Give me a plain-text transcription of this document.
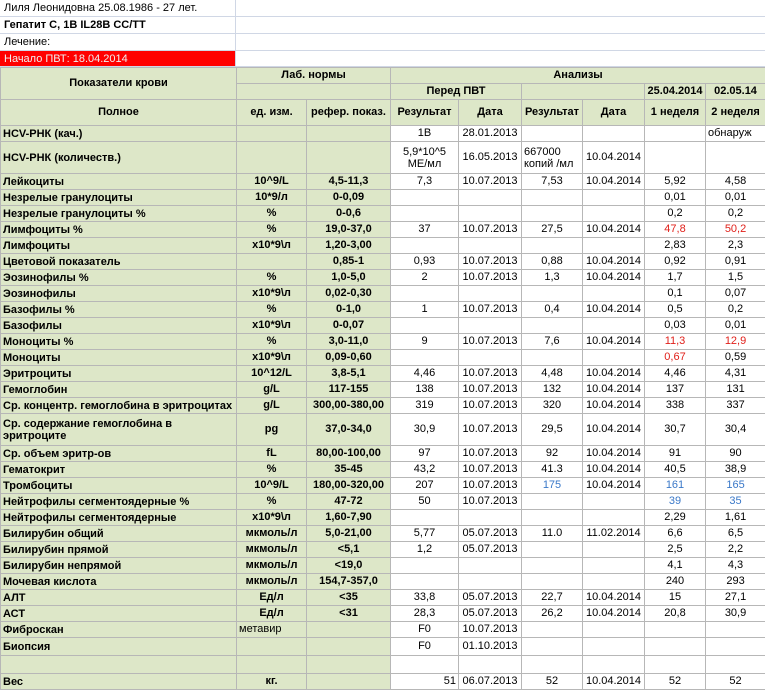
Лиля Леонидовна 25.08.1986 - 27 лет.
Гепатит С, 1В IL28B CC/TT
Лечение:
Начало ПВТ: 18.04.2014
Показатели крови	Лаб. нормы		Анализы					
			Перед ПВТ				25.04.2014	02.05.14
Полное	ед. изм.	рефер. показ.	Результат	Дата	Результат	Дата	1 неделя	2 неделя
HCV-РНК (кач.)			1В	28.01.2013				обнаруж
HCV-РНК (количеств.)			5,9*10^5 МЕ/мл	16.05.2013	667000 копий /мл	10.04.2014		
Лейкоциты	10^9/L	4,5-11,3	7,3	10.07.2013	7,53	10.04.2014	5,92	4,58
Незрелые гранулоциты	10*9/л	0-0,09					0,01	0,01
Незрелые гранулоциты %	%	0-0,6					0,2	0,2
Лимфоциты %	%	19,0-37,0	37	10.07.2013	27,5	10.04.2014	47,8	50,2
Лимфоциты	x10*9\л	1,20-3,00					2,83	2,3
Цветовой показатель		0,85-1	0,93	10.07.2013	0,88	10.04.2014	0,92	0,91
Эозинофилы %	%	1,0-5,0	2	10.07.2013	1,3	10.04.2014	1,7	1,5
Эозинофилы	x10*9\л	0,02-0,30					0,1	0,07
Базофилы %	%	0-1,0	1	10.07.2013	0,4	10.04.2014	0,5	0,2
Базофилы	x10*9\л	0-0,07					0,03	0,01
Моноциты %	%	3,0-11,0	9	10.07.2013	7,6	10.04.2014	11,3	12,9
Моноциты	x10*9\л	0,09-0,60					0,67	0,59
Эритроциты	10^12/L	3,8-5,1	4,46	10.07.2013	4,48	10.04.2014	4,46	4,31
Гемоглобин	g/L	117-155	138	10.07.2013	132	10.04.2014	137	131
Ср. концентр. гемоглобина в эритроцитах	g/L	300,00-380,00	319	10.07.2013	320	10.04.2014	338	337
Ср. содержание гемоглобина в эритроците	pg	37,0-34,0	30,9	10.07.2013	29,5	10.04.2014	30,7	30,4
Ср. объем эритр-ов	fL	80,00-100,00	97	10.07.2013	92	10.04.2014	91	90
Гематокрит	%	35-45	43,2	10.07.2013	41.3	10.04.2014	40,5	38,9
Тромбоциты	10^9/L	180,00-320,00	207	10.07.2013	175	10.04.2014	161	165
Нейтрофилы сегментоядерные %	%	47-72	50	10.07.2013			39	35
Нейтрофилы сегментоядерные	x10*9\л	1,60-7,90					2,29	1,61
Билирубин общий	мкмоль/л	5,0-21,00	5,77	05.07.2013	11.0	11.02.2014	6,6	6,5
Билирубин прямой	мкмоль/л	<5,1	1,2	05.07.2013			2,5	2,2
Билирубин непрямой	мкмоль/л	<19,0					4,1	4,3
Мочевая кислота	мкмоль/л	154,7-357,0					240	293
АЛТ	Ед/л	<35	33,8	05.07.2013	22,7	10.04.2014	15	27,1
АСТ	Ед/л	<31	28,3	05.07.2013	26,2	10.04.2014	20,8	30,9
Фиброскан	метавир		F0	10.07.2013				
Биопсия			F0	01.10.2013				

Вес	кг.		51	06.07.2013	52	10.04.2014	52	52
